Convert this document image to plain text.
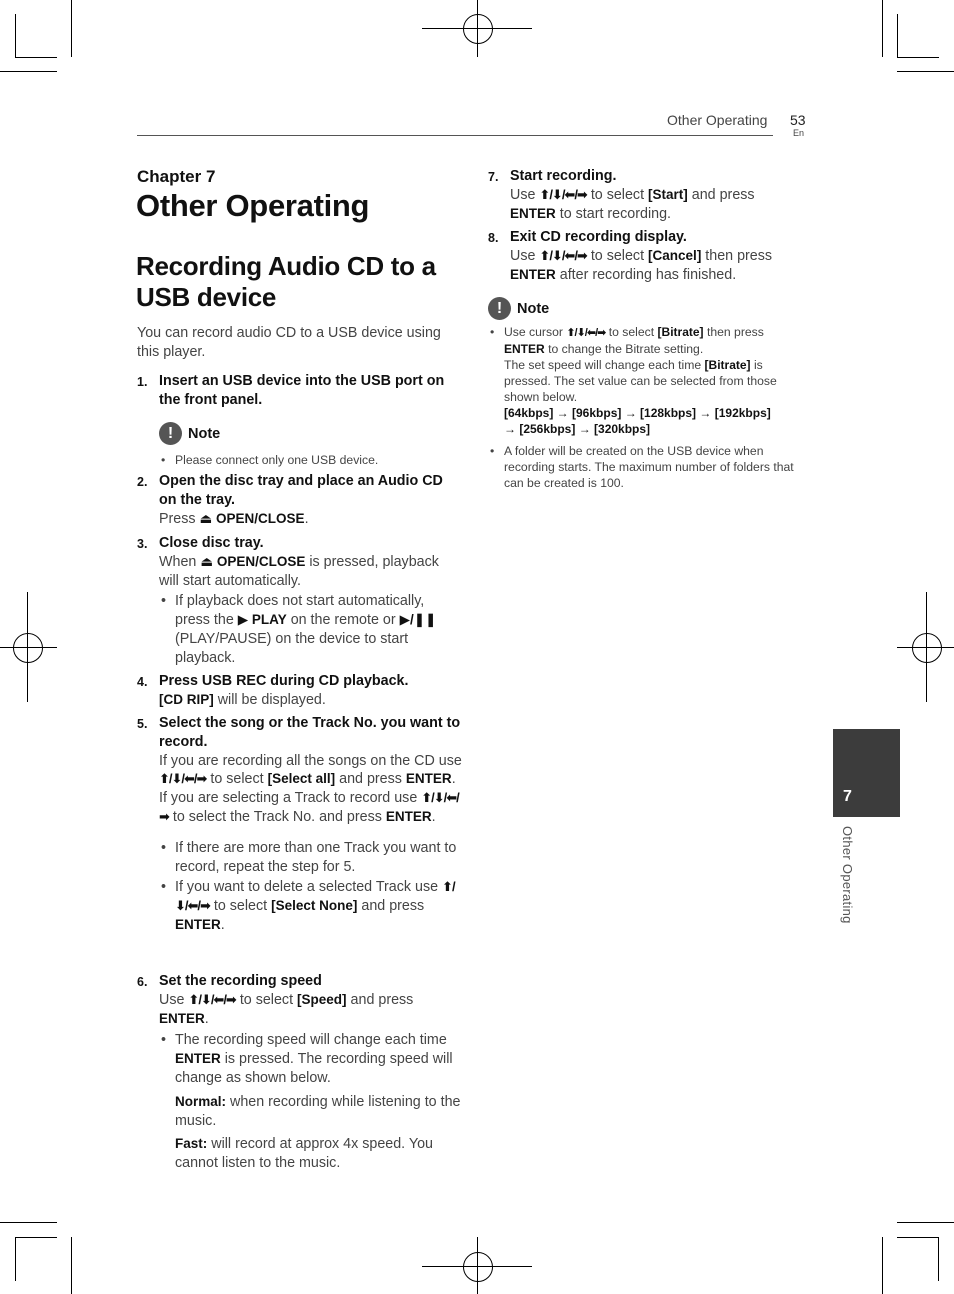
Other Operating 53
En
Chapter 7
Other Operating
Recording Audio CD to a USB device
You can record audio CD to a USB device using this player.
1. Insert an USB device into the USB port on the front panel.
!	Note
• Please connect only one USB device.
2. Open the disc tray and place an Audio CD on the tray.
Press ⏏ OPEN/CLOSE.
3. Close disc tray.
When ⏏ OPEN/CLOSE is pressed, playback will start automatically.
• If playback does not start automatically, press the ▶ PLAY on the remote or ▶/❚❚ (PLAY/PAUSE) on the device to start playback.
4. Press USB REC during CD playback.
[CD RIP] will be displayed.
5. Select the song or the Track No. you want to record.
If you are recording all the songs on the CD use ⬆/⬇/⬅/➡ to select [Select all] and press ENTER.
If you are selecting a Track to record use ⬆/⬇/⬅/➡ to select the Track No. and press ENTER.
• If there are more than one Track you want to record, repeat the step for 5.
• If you want to delete a selected Track use ⬆/⬇/⬅/➡ to select [Select None] and press ENTER.
6. Set the recording speed
Use ⬆/⬇/⬅/➡ to select [Speed] and press ENTER.
• The recording speed will change each time ENTER is pressed. The recording speed will change as shown below.
Normal: when recording while listening to the music.
Fast: will record at approx 4x speed. You cannot listen to the music.
7. Start recording.
Use ⬆/⬇/⬅/➡ to select [Start] and press
ENTER to start recording.
8. Exit CD recording display.
Use ⬆/⬇/⬅/➡ to select [Cancel] then press
ENTER after recording has finished.
!	Note
• Use cursor ⬆/⬇/⬅/➡ to select [Bitrate] then press ENTER to change the Bitrate setting.
The set speed will change each time [Bitrate] is pressed. The set value can be selected from those shown below.
[64kbps] → [96kbps] → [128kbps] → [192kbps]
→ [256kbps] → [320kbps]
• A folder will be created on the USB device when recording starts. The maximum number of folders that can be created is 100.
7
Other Operating
